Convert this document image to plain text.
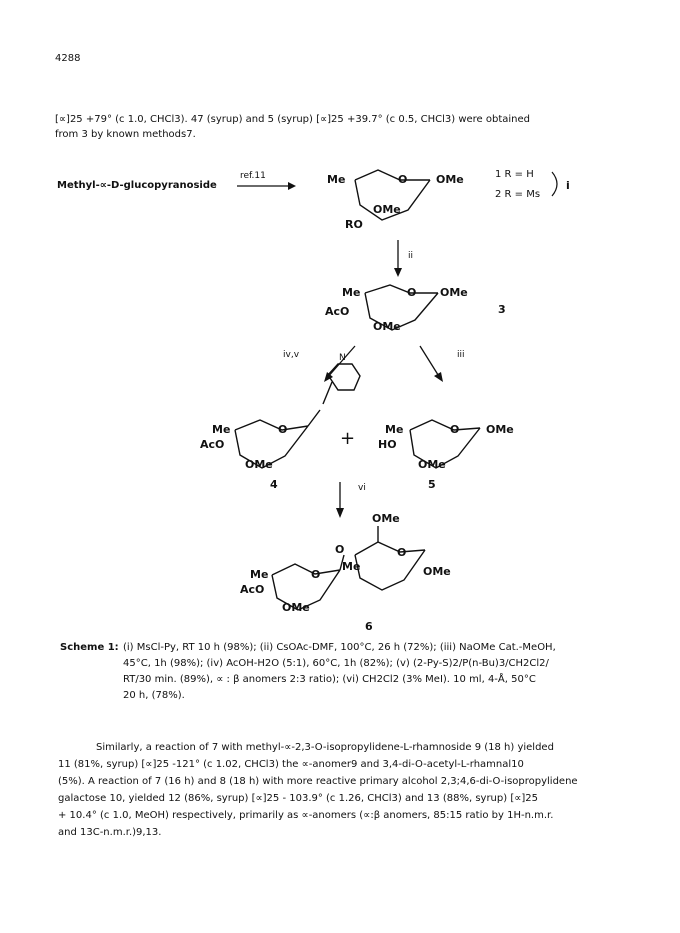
4288
[∝]25 +79° (c 1.0, CHCl3). 47 (syrup) and 5 (syrup) [∝]25 +39.7° (c 0.5, CHCl3) were obtained
from 3 by known methods7.
Methyl-∝-D-glucopyranoside
ref.11	Me	O	OMe
RO
OMe
1 R = H
2 R = Ms
i
ii
Me	O OMe
AcO
OMe
3
iv,v	iii
N
Me	O
AcO
OMe
4
+	Me	O OMe
HO
OMe
5
vi
OMe
O
Me
O
OMe
Me	O
AcO
OMe
6
Scheme 1: (i) MsCl-Py, RT 10 h (98%); (ii) CsOAc-DMF, 100°C, 26 h (72%); (iii) NaOMe Cat.-MeOH,
45°C, 1h (98%); (iv) AcOH-H2O (5:1), 60°C, 1h (82%); (v) (2-Py-S)2/P(n-Bu)3/CH2Cl2/
RT/30 min. (89%), ∝ : β anomers 2:3 ratio); (vi) CH2Cl2 (3% MeI). 10 ml, 4-Å, 50°C
20 h, (78%).
Similarly, a reaction of 7 with methyl-∝-2,3-O-isopropylidene-L-rhamnoside 9 (18 h) yielded
11 (81%, syrup) [∝]25 -121° (c 1.02, CHCl3) the ∝-anomer9 and 3,4-di-O-acetyl-L-rhamnal10
(5%). A reaction of 7 (16 h) and 8 (18 h) with more reactive primary alcohol 2,3;4,6-di-O-isopropylidene
galactose 10, yielded 12 (86%, syrup) [∝]25 - 103.9° (c 1.26, CHCl3) and 13 (88%, syrup) [∝]25
+ 10.4° (c 1.0, MeOH) respectively, primarily as ∝-anomers (∝:β anomers, 85:15 ratio by 1H-n.m.r.
and 13C-n.m.r.)9,13.
